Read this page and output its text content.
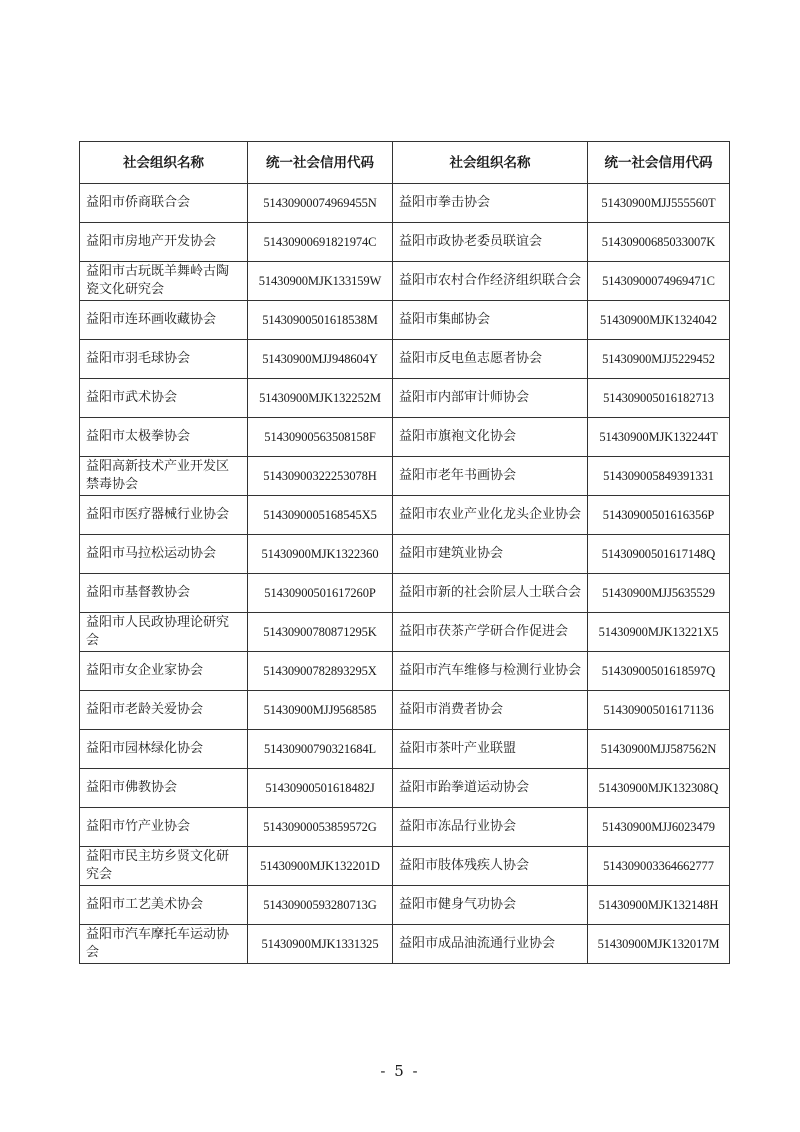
社会组织名称	统一社会信用代码	社会组织名称	统一社会信用代码
益阳市侨商联合会	51430900074969455N	益阳市拳击协会	51430900MJJ555560T
益阳市房地产开发协会	51430900691821974C	益阳市政协老委员联谊会	51430900685033007K
益阳市古玩既羊舞岭古陶瓷文化研究会	51430900MJK133159W	益阳市农村合作经济组织联合会	51430900074969471C
益阳市连环画收藏协会	51430900501618538M	益阳市集邮协会	51430900MJK1324042
益阳市羽毛球协会	51430900MJJ948604Y	益阳市反电鱼志愿者协会	51430900MJJ5229452
益阳市武术协会	51430900MJK132252M	益阳市内部审计师协会	514309005016182713
益阳市太极拳协会	51430900563508158F	益阳市旗袍文化协会	51430900MJK132244T
益阳高新技术产业开发区禁毒协会	51430900322253078H	益阳市老年书画协会	514309005849391331
益阳市医疗器械行业协会	5143090005168545X5	益阳市农业产业化龙头企业协会	51430900501616356P
益阳市马拉松运动协会	51430900MJK1322360	益阳市建筑业协会	51430900501617148Q
益阳市基督教协会	51430900501617260P	益阳市新的社会阶层人士联合会	51430900MJJ5635529
益阳市人民政协理论研究会	51430900780871295K	益阳市茯茶产学研合作促进会	51430900MJK13221X5
益阳市女企业家协会	51430900782893295X	益阳市汽车维修与检测行业协会	51430900501618597Q
益阳市老龄关爱协会	51430900MJJ9568585	益阳市消费者协会	514309005016171136
益阳市园林绿化协会	51430900790321684L	益阳市茶叶产业联盟	51430900MJJ587562N
益阳市佛教协会	51430900501618482J	益阳市跆拳道运动协会	51430900MJK132308Q
益阳市竹产业协会	51430900053859572G	益阳市冻品行业协会	51430900MJJ6023479
益阳市民主坊乡贤文化研究会	51430900MJK132201D	益阳市肢体残疾人协会	514309003364662777
益阳市工艺美术协会	51430900593280713G	益阳市健身气功协会	51430900MJK132148H
益阳市汽车摩托车运动协会	51430900MJK1331325	益阳市成品油流通行业协会	51430900MJK132017M
- 5 -
